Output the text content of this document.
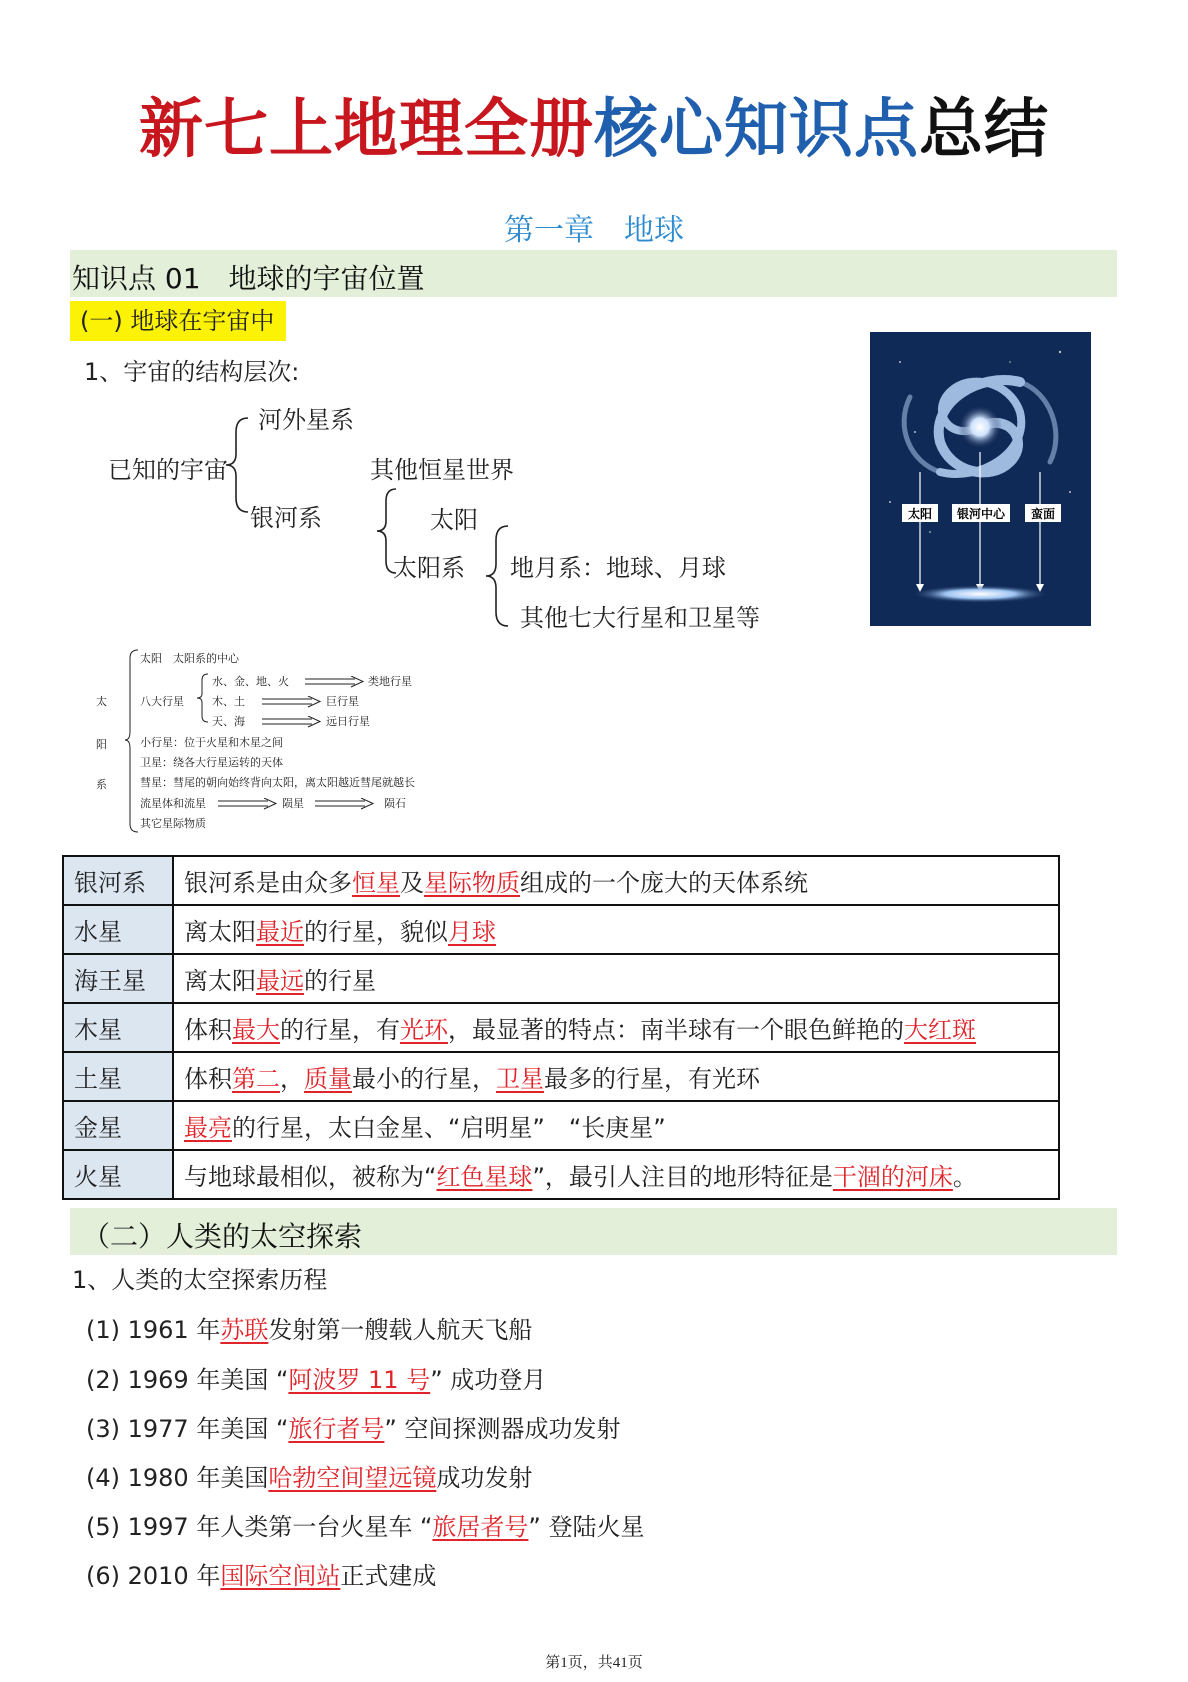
新七上地理全册核心知识点总结
第一章 地球
知识点 01　地球的宇宙位置
(一) 地球在宇宙中
1、宇宙的结构层次:
已知的宇宙
河外星系
银河系
其他恒星世界
太阳
太阳系 地月系：地球、月球
其他七大行星和卫星等
太阳 银河中心 蛮面
太
阳
系
太阳　太阳系的中心
八大行星
水、金、地、火
木、土
天、海
类地行星
巨行星
远日行星
小行星：位于火星和木星之间
卫星：绕各大行星运转的天体
彗星：彗尾的朝向始终背向太阳，离太阳越近彗尾就越长
流星体和流星	陨星	陨石
其它星际物质
银河系	银河系是由众多恒星及星际物质组成的一个庞大的天体系统
水星	离太阳最近的行星，貌似月球
海王星	离太阳最远的行星
木星	体积最大的行星，有光环，最显著的特点：南半球有一个眼色鲜艳的大红斑
土星	体积第二，质量最小的行星，卫星最多的行星，有光环
金星	最亮的行星，太白金星、“启明星”　“长庚星”
火星	与地球最相似，被称为“红色星球”，最引人注目的地形特征是干涸的河床。
（二）人类的太空探索
1、人类的太空探索历程
(1) 1961 年苏联发射第一艘载人航天飞船
(2) 1969 年美国 “阿波罗 11 号” 成功登月
(3) 1977 年美国 “旅行者号” 空间探测器成功发射
(4) 1980 年美国哈勃空间望远镜成功发射
(5) 1997 年人类第一台火星车 “旅居者号” 登陆火星
(6) 2010 年国际空间站正式建成
第1页，共41页
